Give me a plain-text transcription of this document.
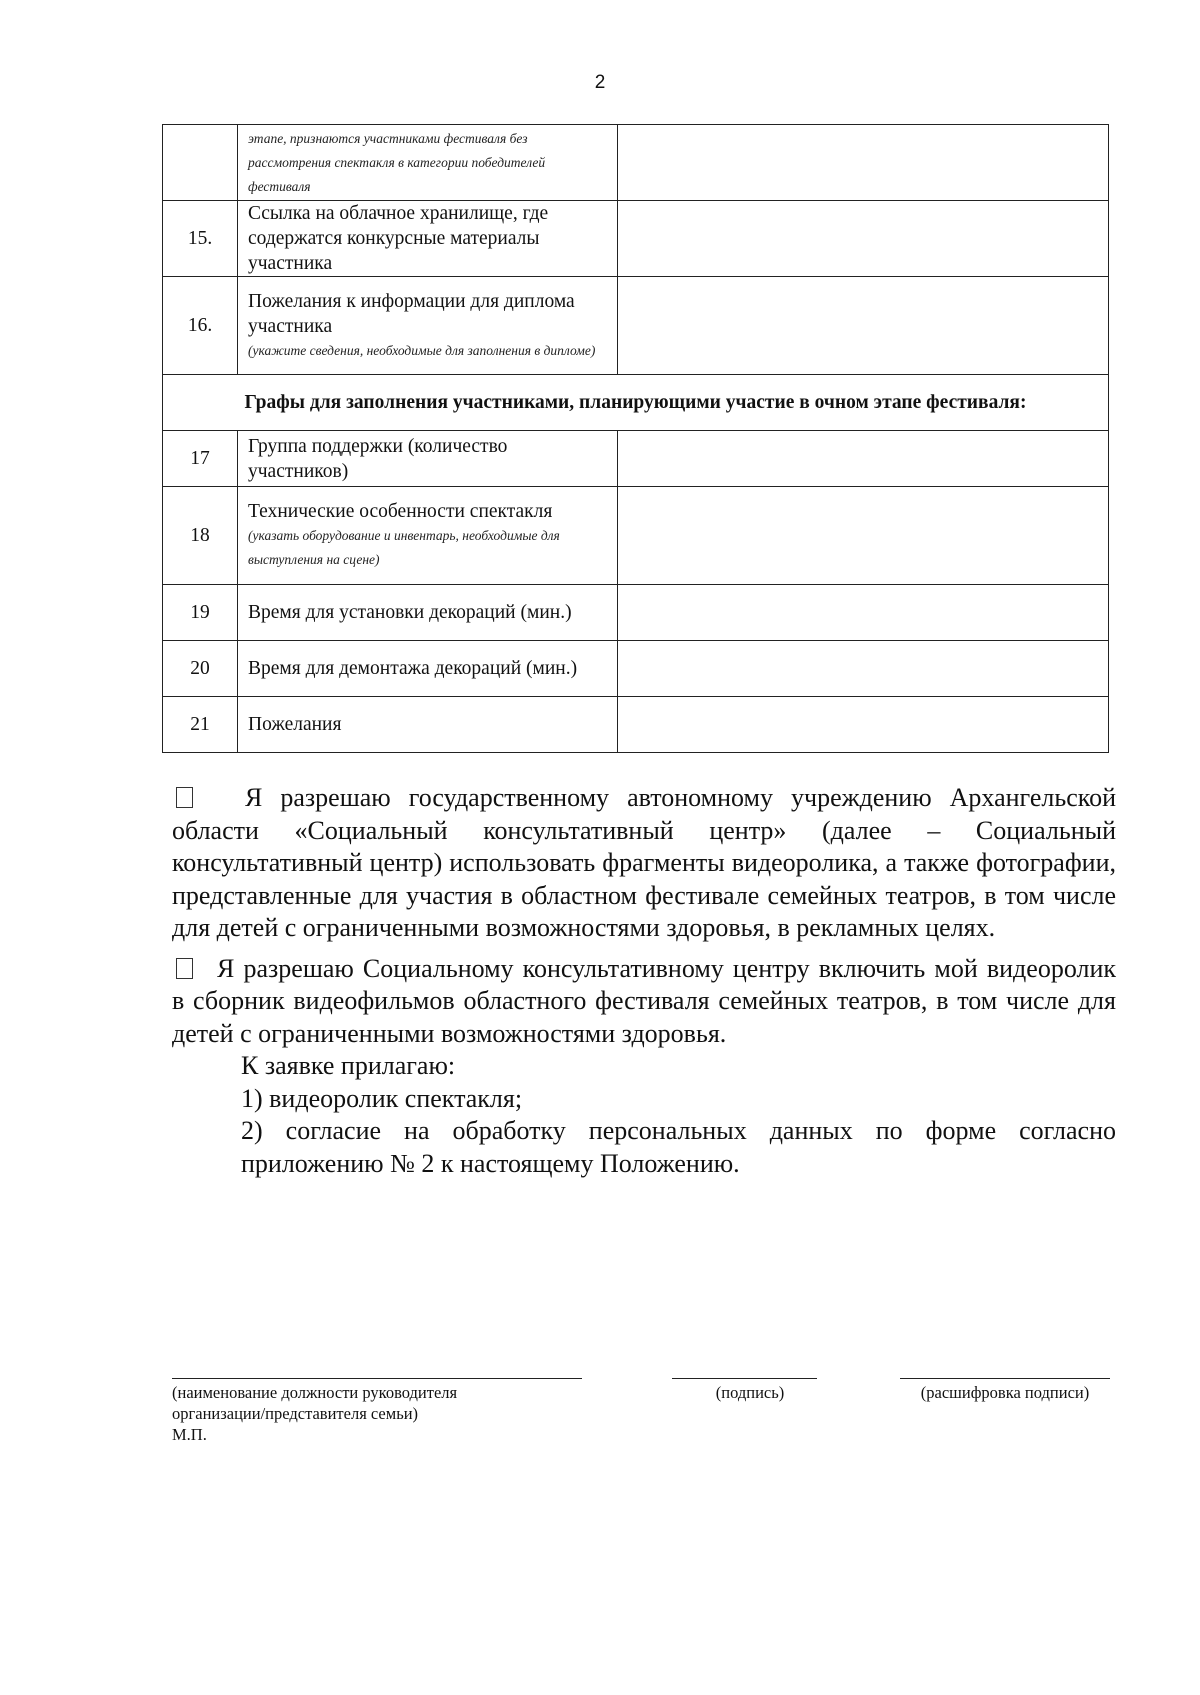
2

	этапе, признаются участниками фестиваля без рассмотрения спектакля в категории победителей фестиваля	

15.	Ссылка на облачное хранилище, где содержатся конкурсные материалы участника	
16.	Пожелания к информации для диплома участника
(укажите сведения, необходимые для заполнения в дипломе)	

Графы для заполнения участниками, планирующими участие в очном этапе фестиваля:		
17	Группа поддержки (количество участников)	
18	Технические особенности спектакля
(указать оборудование и инвентарь, необходимые для выступления на сцене)	

19	Время для установки декораций (мин.)	
20	Время для демонтажа декораций (мин.)	
21	Пожелания	

Я разрешаю государственному автономному учреждению Архангельской области «Социальный консультативный центр» (далее – Социальный консультативный центр) использовать фрагменты видеоролика, а также фотографии, представленные для участия в областном фестивале семейных театров, в том числе для детей с ограниченными возможностями здоровья, в рекламных целях.

Я разрешаю Социальному консультативному центру включить мой видеоролик в сборник видеофильмов областного фестиваля семейных театров, в том числе для детей с ограниченными возможностями здоровья.

К заявке прилагаю:

1) видеоролик спектакля;

2) согласие на обработку персональных данных по форме согласно приложению № 2 к настоящему Положению.

(наименование должности руководителя организации/представителя семьи)
М.П.
(подпись)	(расшифровка подписи)
